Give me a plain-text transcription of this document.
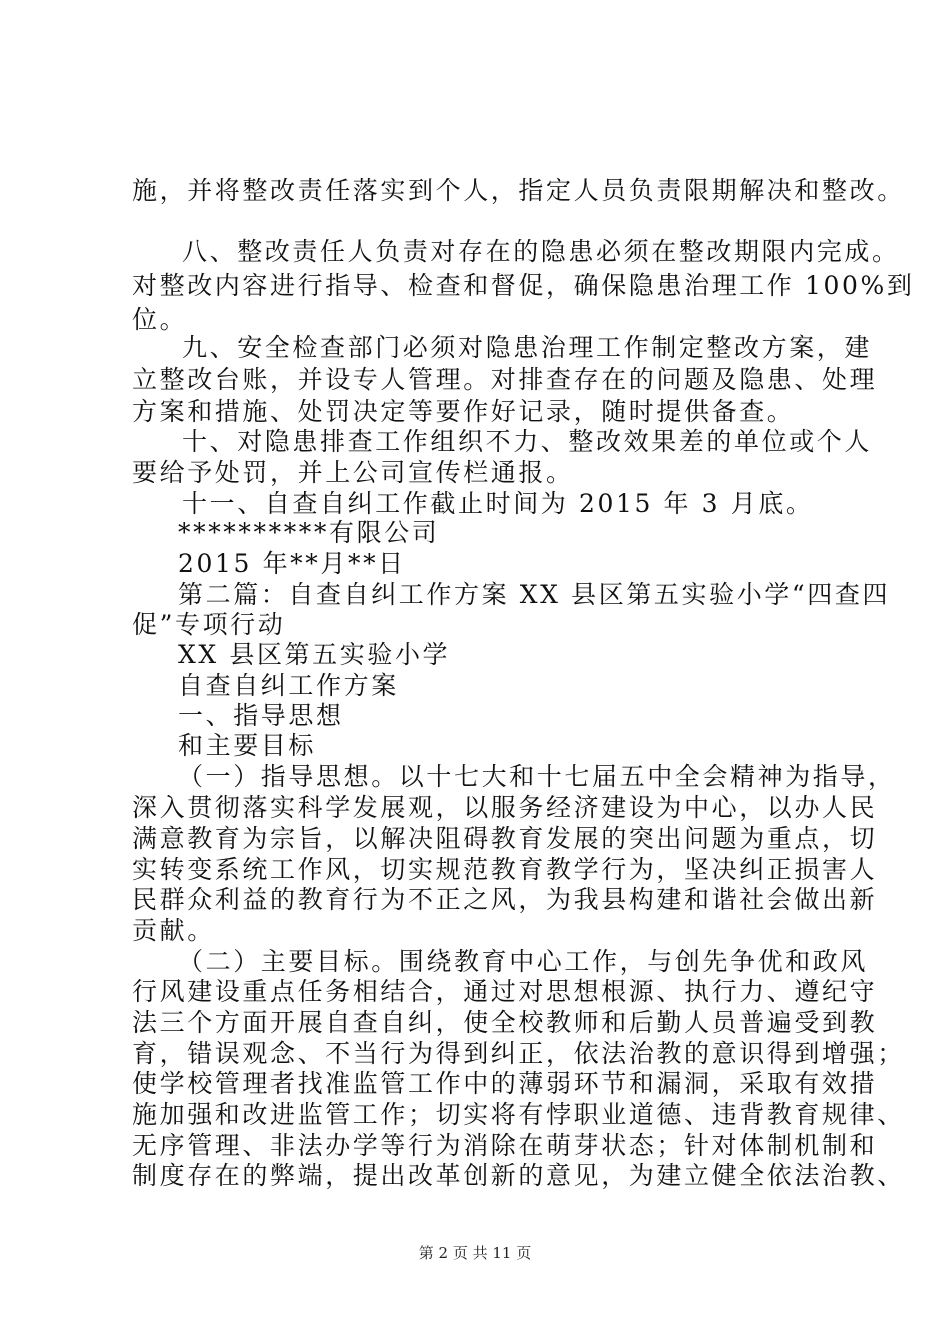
施，并将整改责任落实到个人，指定人员负责限期解决和整改。
八、整改责任人负责对存在的隐患必须在整改期限内完成。
对整改内容进行指导、检查和督促，确保隐患治理工作 100%到
位。
九、安全检查部门必须对隐患治理工作制定整改方案，建
立整改台账，并设专人管理。对排查存在的问题及隐患、处理
方案和措施、处罚决定等要作好记录，随时提供备查。
十、对隐患排查工作组织不力、整改效果差的单位或个人
要给予处罚，并上公司宣传栏通报。
十一、自查自纠工作截止时间为 2015 年 3 月底。
**********有限公司
2015 年**月**日
第二篇：自查自纠工作方案 XX 县区第五实验小学“四查四
促”专项行动
XX 县区第五实验小学
自查自纠工作方案
一、指导思想
和主要目标
（一）指导思想。以十七大和十七届五中全会精神为指导，
深入贯彻落实科学发展观，以服务经济建设为中心，以办人民
满意教育为宗旨，以解决阻碍教育发展的突出问题为重点，切
实转变系统工作风，切实规范教育教学行为，坚决纠正损害人
民群众利益的教育行为不正之风，为我县构建和谐社会做出新
贡献。
（二）主要目标。围绕教育中心工作，与创先争优和政风
行风建设重点任务相结合，通过对思想根源、执行力、遵纪守
法三个方面开展自查自纠，使全校教师和后勤人员普遍受到教
育，错误观念、不当行为得到纠正，依法治教的意识得到增强；
使学校管理者找准监管工作中的薄弱环节和漏洞，采取有效措
施加强和改进监管工作；切实将有悖职业道德、违背教育规律、
无序管理、非法办学等行为消除在萌芽状态；针对体制机制和
制度存在的弊端，提出改革创新的意见，为建立健全依法治教、
第 2 页 共 11 页
